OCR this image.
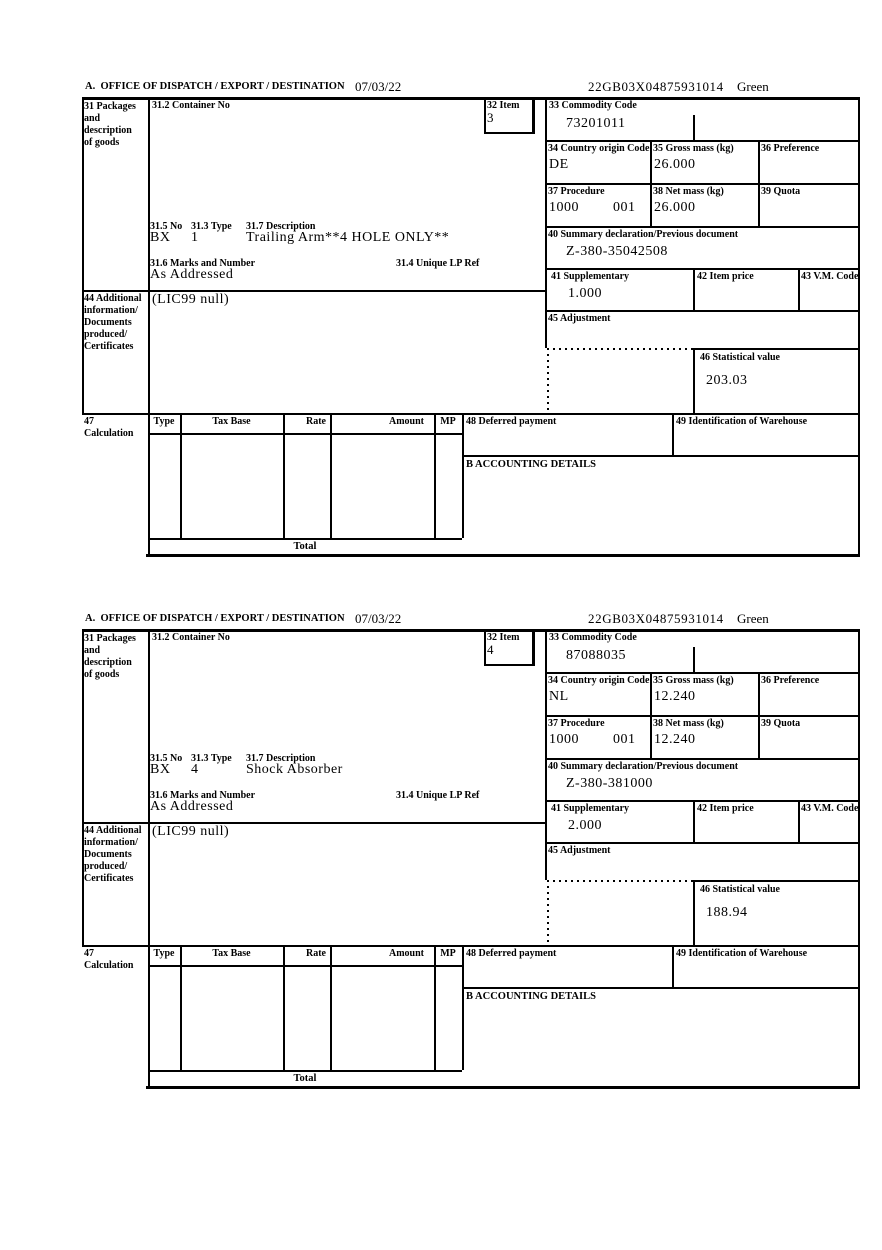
A.  OFFICE OF DISPATCH / EXPORT / DESTINATION 07/03/22	22GB03X04875931014 Green
31 Packages and description of goods
44 Additional information/ Documents produced/ Certificates
47 Calculation
31.2 Container No	32 Item
3
31.5 No 31.3 Type 31.7 Description
BX 1	Trailing Arm**4 HOLE ONLY**
31.6 Marks and Number	31.4 Unique LP Ref
As Addressed
(LIC99 null)
33 Commodity Code
73201011
34 Country origin Code
DE
35 Gross mass (kg)
26.000
36 Preference
37 Procedure
1000 001
38 Net mass (kg)
26.000
39 Quota
40 Summary declaration/Previous document
Z-380-35042508
41 Supplementary
1.000
42 Item price	43 V.M. Code
45 Adjustment
46 Statistical value
203.03
Type	Tax Base	Rate	Amount	MP	48 Deferred payment	49 Identification of Warehouse
B ACCOUNTING DETAILS
Total
A.  OFFICE OF DISPATCH / EXPORT / DESTINATION 07/03/22	22GB03X04875931014 Green
31 Packages and description of goods
44 Additional information/ Documents produced/ Certificates
47 Calculation
31.2 Container No	32 Item
4
31.5 No 31.3 Type 31.7 Description
BX 4	Shock Absorber
31.6 Marks and Number	31.4 Unique LP Ref
As Addressed
(LIC99 null)
33 Commodity Code
87088035
34 Country origin Code
NL
35 Gross mass (kg)
12.240
36 Preference
37 Procedure
1000 001
38 Net mass (kg)
12.240
39 Quota
40 Summary declaration/Previous document
Z-380-381000
41 Supplementary
2.000
42 Item price	43 V.M. Code
45 Adjustment
46 Statistical value
188.94
Type	Tax Base	Rate	Amount	MP	48 Deferred payment	49 Identification of Warehouse
B ACCOUNTING DETAILS
Total
